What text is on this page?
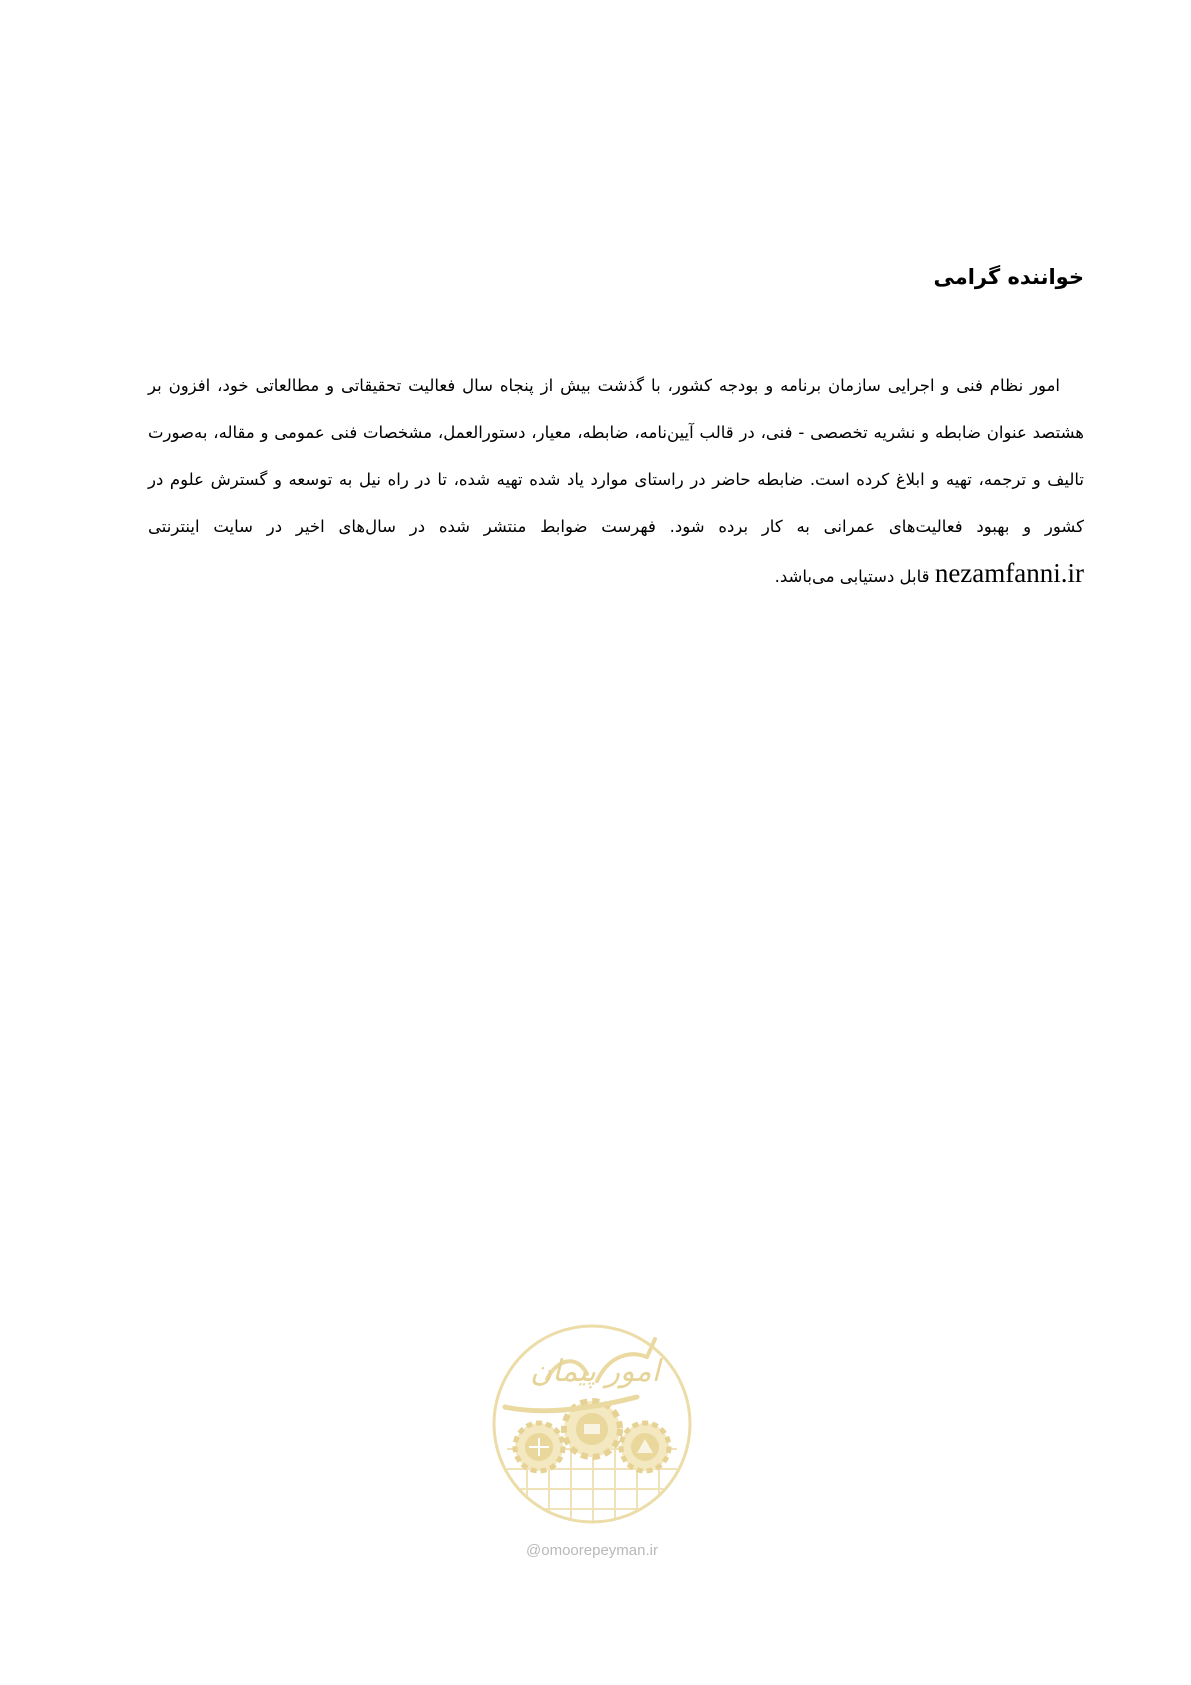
خواننده گرامی
امور نظام فنی و اجرایی سازمان برنامه و بودجه کشور، با گذشت بیش از پنجاه سال فعالیت تحقیقاتی و مطالعاتی خود، افزون بر هشتصد عنوان ضابطه و نشریه تخصصی - فنی، در قالب آیین‌نامه، ضابطه، معیار، دستورالعمل، مشخصات فنی عمومی و مقاله، به‌صورت تالیف و ترجمه، تهیه و ابلاغ کرده است. ضابطه حاضر در راستای موارد یاد شده تهیه شده، تا در راه نیل به توسعه و گسترش علوم در کشور و بهبود فعالیت‌های عمرانی به کار برده شود. فهرست ضوابط منتشر شده در سال‌های اخیر در سایت اینترنتی nezamfanni.ir قابل دستیابی می‌باشد.
امور پیمان
@omoorepeyman.ir
